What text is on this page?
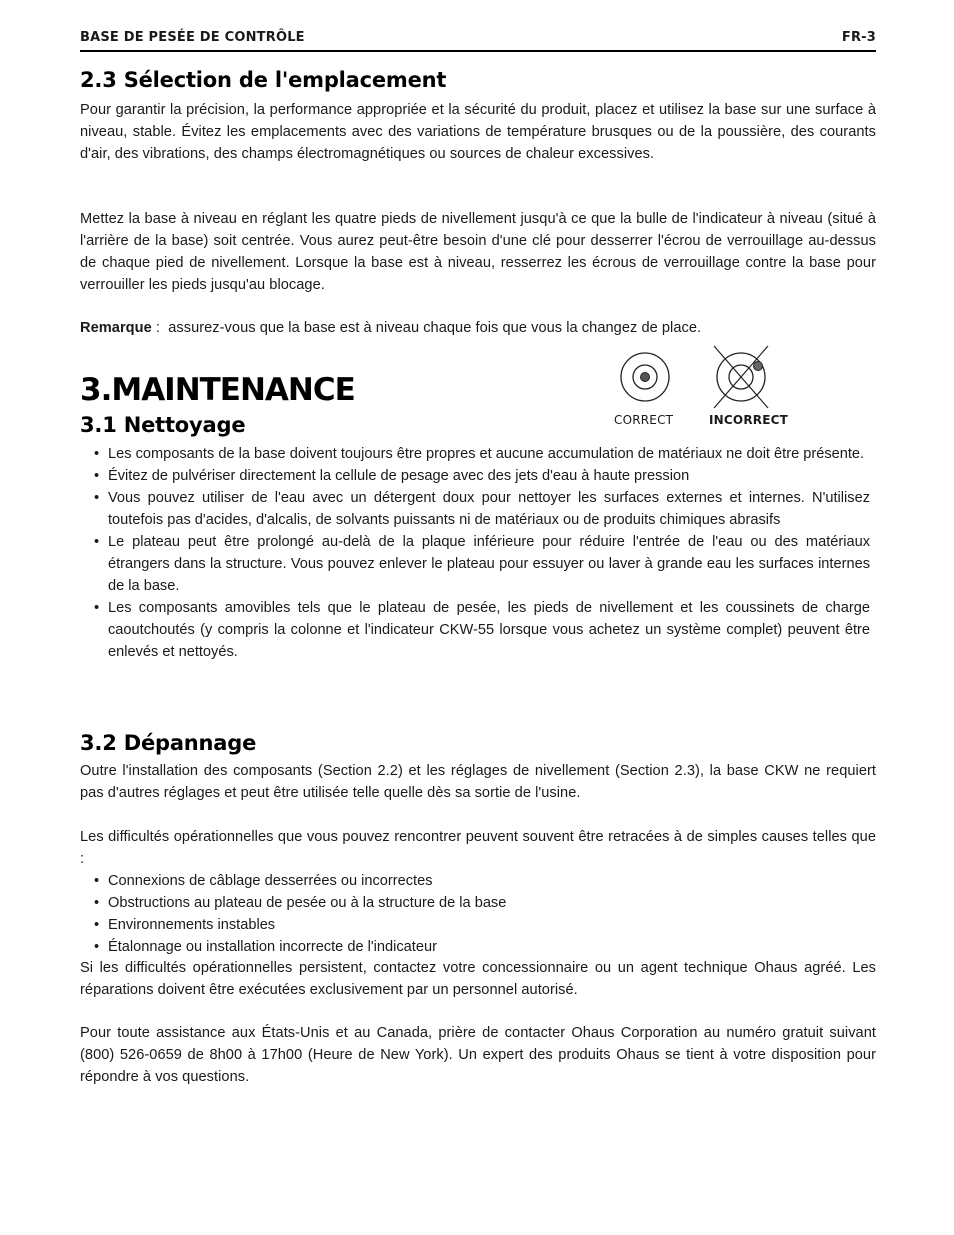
BASE DE PESÉE DE CONTRÔLE	FR-3
2.3 Sélection de l'emplacement

Pour garantir la précision, la performance appropriée et la sécurité du produit, placez et utilisez la base sur une surface à niveau, stable. Évitez les emplacements avec des variations de température brusques ou de la poussière, des courants d'air, des vibrations, des champs électromagnétiques ou sources de chaleur excessives.

Mettez la base à niveau en réglant les quatre pieds de nivellement jusqu'à ce que la bulle de l'indicateur à niveau (situé à l'arrière de la base) soit centrée. Vous aurez peut-être besoin d'une clé pour desserrer l'écrou de verrouillage au-dessus de chaque pied de nivellement. Lorsque la base est à niveau, resserrez les écrous de verrouillage contre la base pour verrouiller les pieds jusqu'au blocage.

Remarque :  assurez-vous que la base est à niveau chaque fois que vous la changez de place.

CORRECT	INCORRECT
3.MAINTENANCE
3.1 Nettoyage
• Les composants de la base doivent toujours être propres et aucune accumulation de matériaux ne doit être présente.
• Évitez de pulvériser directement la cellule de pesage avec des jets d'eau à haute pression
• Vous pouvez utiliser de l'eau avec un détergent doux pour nettoyer les surfaces externes et internes. N'utilisez toutefois pas d'acides, d'alcalis, de solvants puissants ni de matériaux ou de produits chimiques abrasifs
• Le plateau peut être prolongé au-delà de la plaque inférieure pour réduire l'entrée de l'eau ou des matériaux étrangers dans la structure. Vous pouvez enlever le plateau pour essuyer ou laver à grande eau les surfaces internes de la base.
• Les composants amovibles tels que le plateau de pesée, les pieds de nivellement et les coussinets de charge caoutchoutés (y compris la colonne et l'indicateur CKW-55 lorsque vous achetez un système complet) peuvent être enlevés et nettoyés.
3.2 Dépannage

Outre l'installation des composants (Section 2.2) et les réglages de nivellement (Section 2.3), la base CKW ne requiert pas d'autres réglages et peut être utilisée telle quelle dès sa sortie de l'usine.

Les difficultés opérationnelles que vous pouvez rencontrer peuvent souvent être retracées à de simples causes telles que :

• Connexions de câblage desserrées ou incorrectes
• Obstructions au plateau de pesée ou à la structure de la base
• Environnements instables
• Étalonnage ou installation incorrecte de l'indicateur

Si les difficultés opérationnelles persistent, contactez votre concessionnaire ou un agent technique Ohaus agréé. Les réparations doivent être exécutées exclusivement par un personnel autorisé.

Pour toute assistance aux États-Unis et au Canada, prière de contacter Ohaus Corporation au numéro gratuit suivant (800) 526-0659 de 8h00 à 17h00 (Heure de New York). Un expert des produits Ohaus se tient à votre disposition pour répondre à vos questions.
